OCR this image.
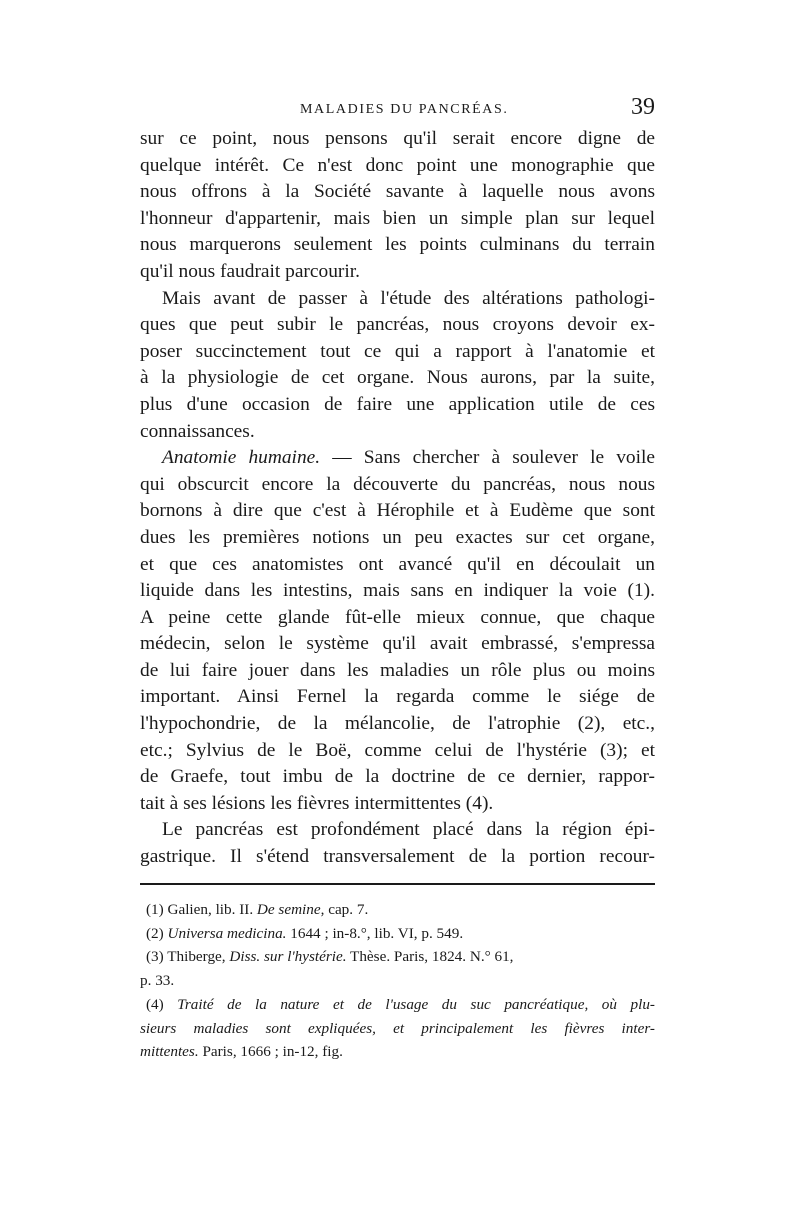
MALADIES DU PANCRÉAS.	39
sur ce point, nous pensons qu'il serait encore digne de
quelque intérêt. Ce n'est donc point une monographie que
nous offrons à la Société savante à laquelle nous avons
l'honneur d'appartenir, mais bien un simple plan sur lequel
nous marquerons seulement les points culminans du terrain
qu'il nous faudrait parcourir.
Mais avant de passer à l'étude des altérations pathologi-
ques que peut subir le pancréas, nous croyons devoir ex-
poser succinctement tout ce qui a rapport à l'anatomie et
à la physiologie de cet organe. Nous aurons, par la suite,
plus d'une occasion de faire une application utile de ces
connaissances.
Anatomie humaine. — Sans chercher à soulever le voile
qui obscurcit encore la découverte du pancréas, nous nous
bornons à dire que c'est à Hérophile et à Eudème que sont
dues les premières notions un peu exactes sur cet organe,
et que ces anatomistes ont avancé qu'il en découlait un
liquide dans les intestins, mais sans en indiquer la voie (1).
A peine cette glande fût-elle mieux connue, que chaque
médecin, selon le système qu'il avait embrassé, s'empressa
de lui faire jouer dans les maladies un rôle plus ou moins
important. Ainsi Fernel la regarda comme le siége de
l'hypochondrie, de la mélancolie, de l'atrophie (2), etc.,
etc.; Sylvius de le Boë, comme celui de l'hystérie (3); et
de Graefe, tout imbu de la doctrine de ce dernier, rappor-
tait à ses lésions les fièvres intermittentes (4).
Le pancréas est profondément placé dans la région épi-
gastrique. Il s'étend transversalement de la portion recour-
(1) Galien, lib. II. De semine, cap. 7.
(2) Universa medicina. 1644 ; in-8.°, lib. VI, p. 549.
(3) Thiberge, Diss. sur l'hystérie. Thèse. Paris, 1824. N.° 61,
p. 33.
(4) Traité de la nature et de l'usage du suc pancréatique, où plu-
sieurs maladies sont expliquées, et principalement les fièvres inter-
mittentes. Paris, 1666 ; in-12, fig.
